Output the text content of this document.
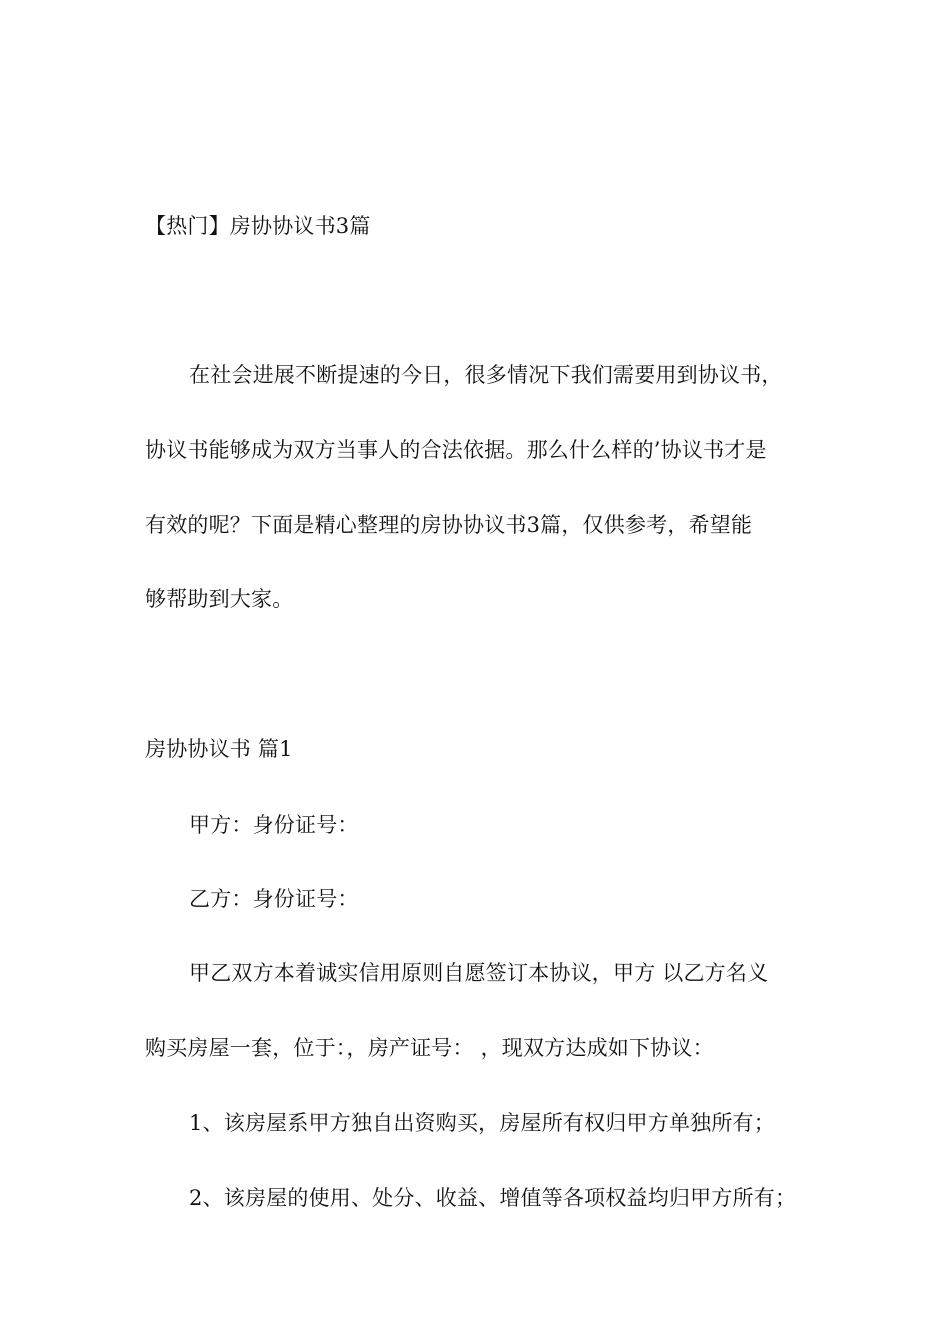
【热门】房协协议书3篇
在社会进展不断提速的今日，很多情况下我们需要用到协议书，
协议书能够成为双方当事人的合法依据。那么什么样的’协议书才是
有效的呢？下面是精心整理的房协协议书3篇，仅供参考，希望能
够帮助到大家。
房协协议书 篇1
甲方：身份证号：
乙方：身份证号：
甲乙双方本着诚实信用原则自愿签订本协议，甲方 以乙方名义
购买房屋一套，位于：，房产证号： ，现双方达成如下协议：
1、该房屋系甲方独自出资购买，房屋所有权归甲方单独所有；
2、该房屋的使用、处分、收益、增值等各项权益均归甲方所有；
